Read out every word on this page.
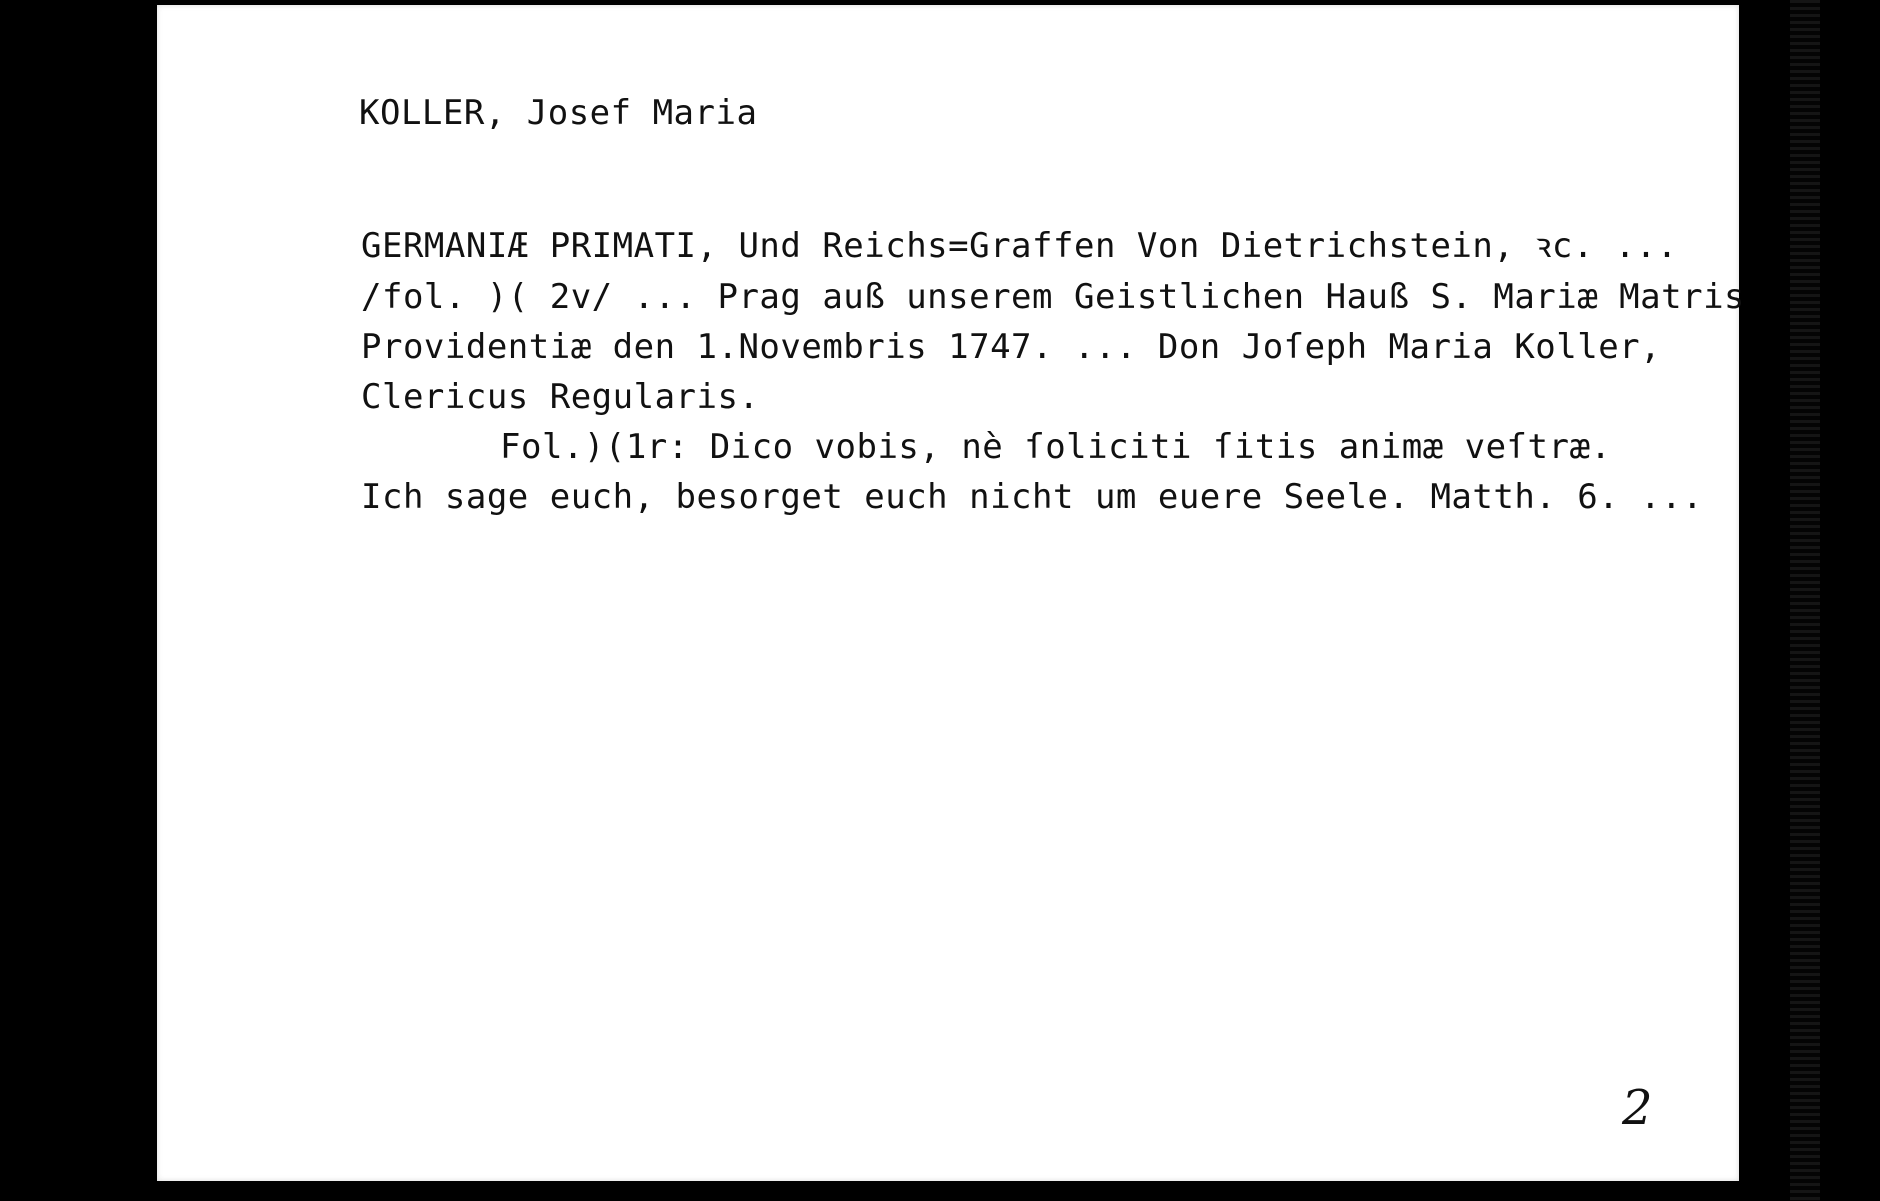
KOLLER, Josef Maria
GERMANIÆ PRIMATI, Und Reichs=Graffen Von Dietrichstein, ꝛc. ...
/fol. )( 2v/ ... Prag auß unserem Geistlichen Hauß S. Mariæ Matris
Providentiæ den 1.Novembris 1747. ... Don Joſeph Maria Koller,
Clericus Regularis.
Fol.)(1r: Dico vobis, nè ſoliciti ſitis animæ veſtræ.
Ich sage euch, besorget euch nicht um euere Seele. Matth. 6. ...
2
